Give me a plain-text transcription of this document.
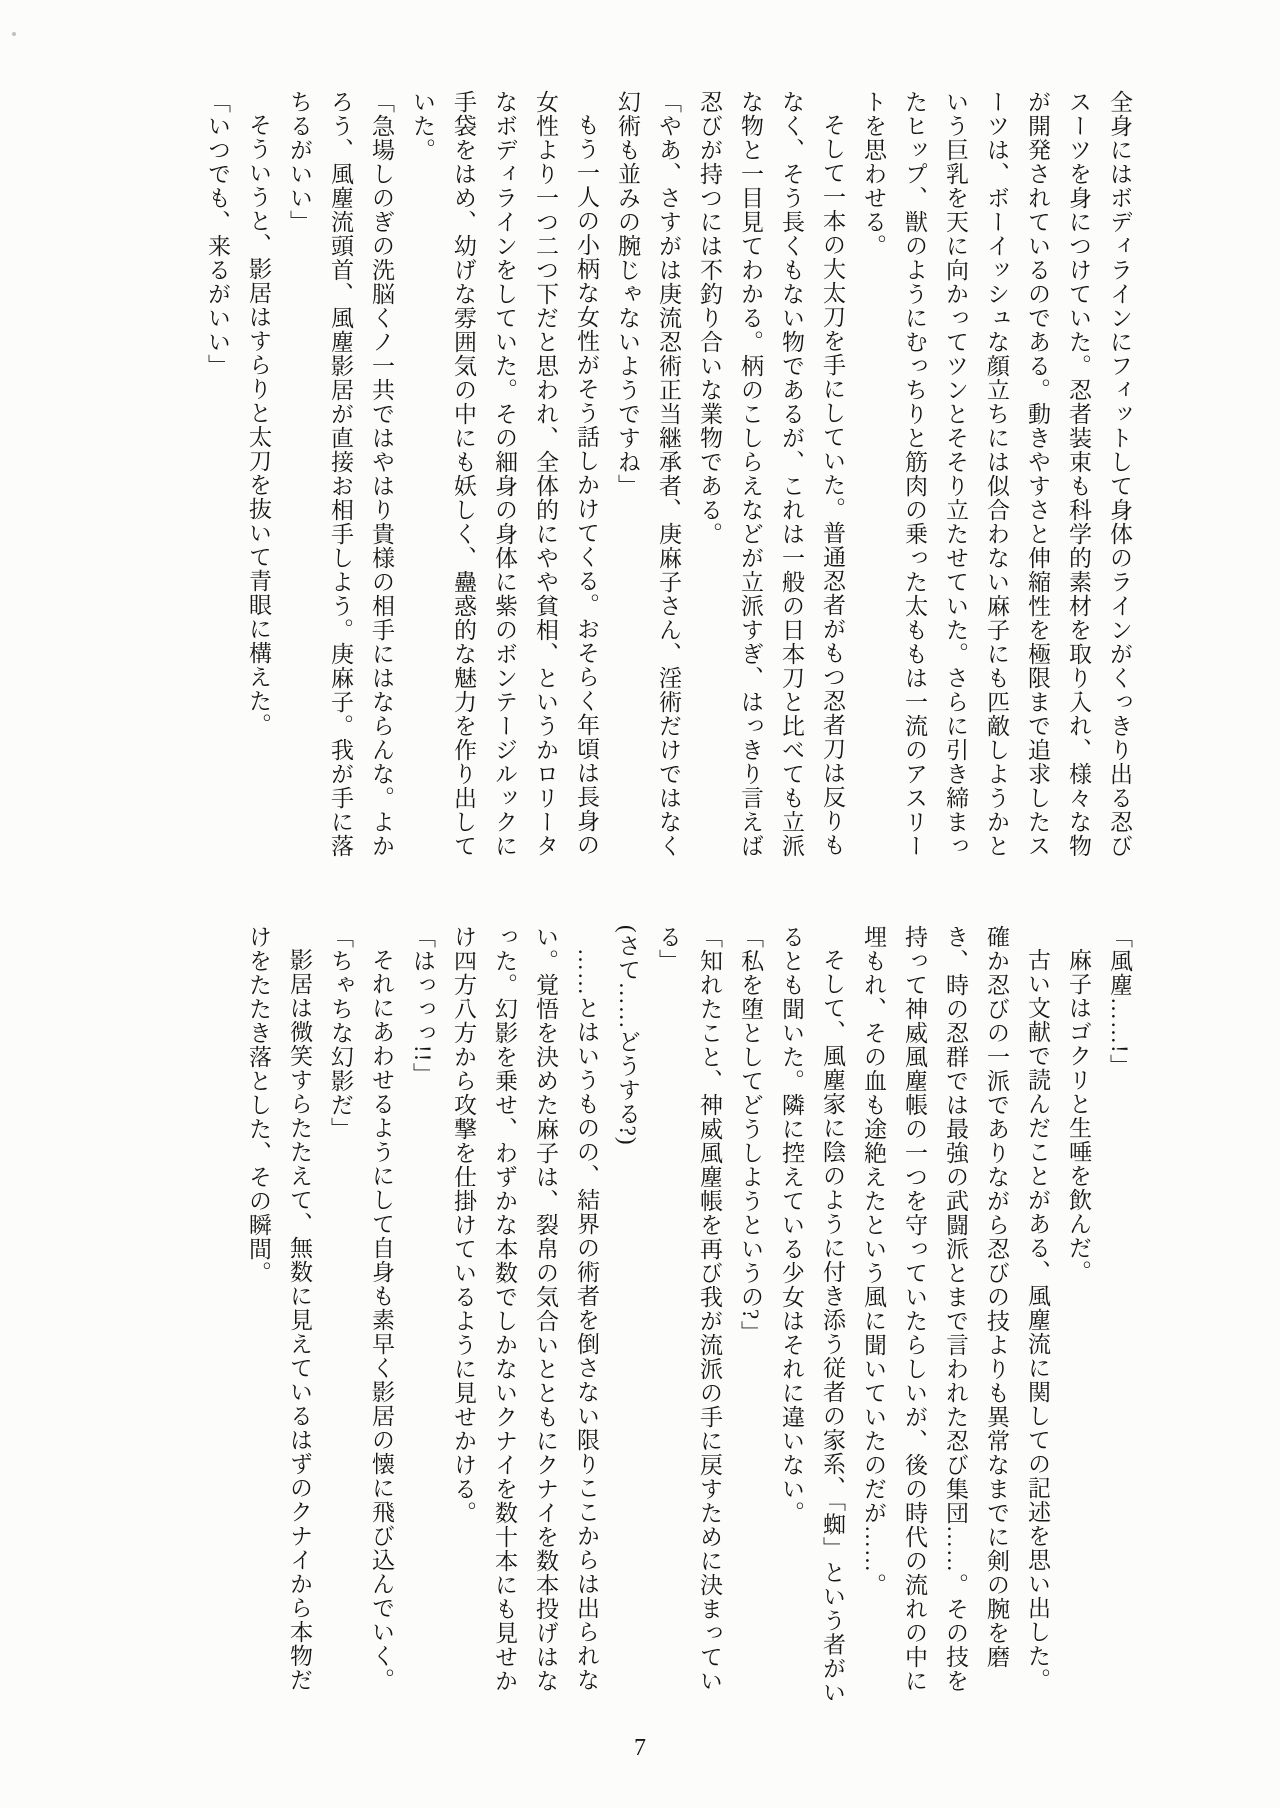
全身にはボディラインにフィットして身体のラインがくっきり出る忍びスーツを身につけていた。忍者装束も科学的素材を取り入れ、様々な物が開発されているのである。動きやすさと伸縮性を極限まで追求したスーツは、ボーイッシュな顔立ちには似合わない麻子にも匹敵しようかという巨乳を天に向かってツンとそそり立たせていた。さらに引き締まったヒップ、獣のようにむっちりと筋肉の乗った太ももは一流のアスリートを思わせる。

そして一本の大太刀を手にしていた。普通忍者がもつ忍者刀は反りもなく、そう長くもない物であるが、これは一般の日本刀と比べても立派な物と一目見てわかる。柄のこしらえなどが立派すぎ、はっきり言えば忍びが持つには不釣り合いな業物である。

「やあ、さすがは庚流忍術正当継承者、庚麻子さん、淫術だけではなく幻術も並みの腕じゃないようですね」

もう一人の小柄な女性がそう話しかけてくる。おそらく年頃は長身の女性より一つ二つ下だと思われ、全体的にやや貧相、というかロリータなボディラインをしていた。その細身の身体に紫のボンテージルックに手袋をはめ、幼げな雰囲気の中にも妖しく、蠱惑的な魅力を作り出していた。

「急場しのぎの洗脳くノ一共ではやはり貴様の相手にはならんな。よかろう、風塵流頭首、風塵影居が直接お相手しよう。庚麻子。我が手に落ちるがいい」

そういうと、影居はすらりと太刀を抜いて青眼に構えた。

「いつでも、来るがいい」

「風塵……!」

麻子はゴクリと生唾を飲んだ。

古い文献で読んだことがある、風塵流に関しての記述を思い出した。確か忍びの一派でありながら忍びの技よりも異常なまでに剣の腕を磨き、時の忍群では最強の武闘派とまで言われた忍び集団……。その技を持って神威風塵帳の一つを守っていたらしいが、後の時代の流れの中に埋もれ、その血も途絶えたという風に聞いていたのだが……。

そして、風塵家に陰のように付き添う従者の家系、「蜘」という者がいるとも聞いた。隣に控えている少女はそれに違いない。

「私を堕としてどうしようというの?」

「知れたこと、神威風塵帳を再び我が流派の手に戻すために決まっている」

(さて……どうする?)

……とはいうものの、結界の術者を倒さない限りここからは出られない。覚悟を決めた麻子は、裂帛の気合いとともにクナイを数本投げはなった。幻影を乗せ、わずかな本数でしかないクナイを数十本にも見せかけ四方八方から攻撃を仕掛けているように見せかける。

「はっっっ!!」

それにあわせるようにして自身も素早く影居の懐に飛び込んでいく。

「ちゃちな幻影だ」

影居は微笑すらたたえて、無数に見えているはずのクナイから本物だけをたたき落とした、その瞬間。

7
